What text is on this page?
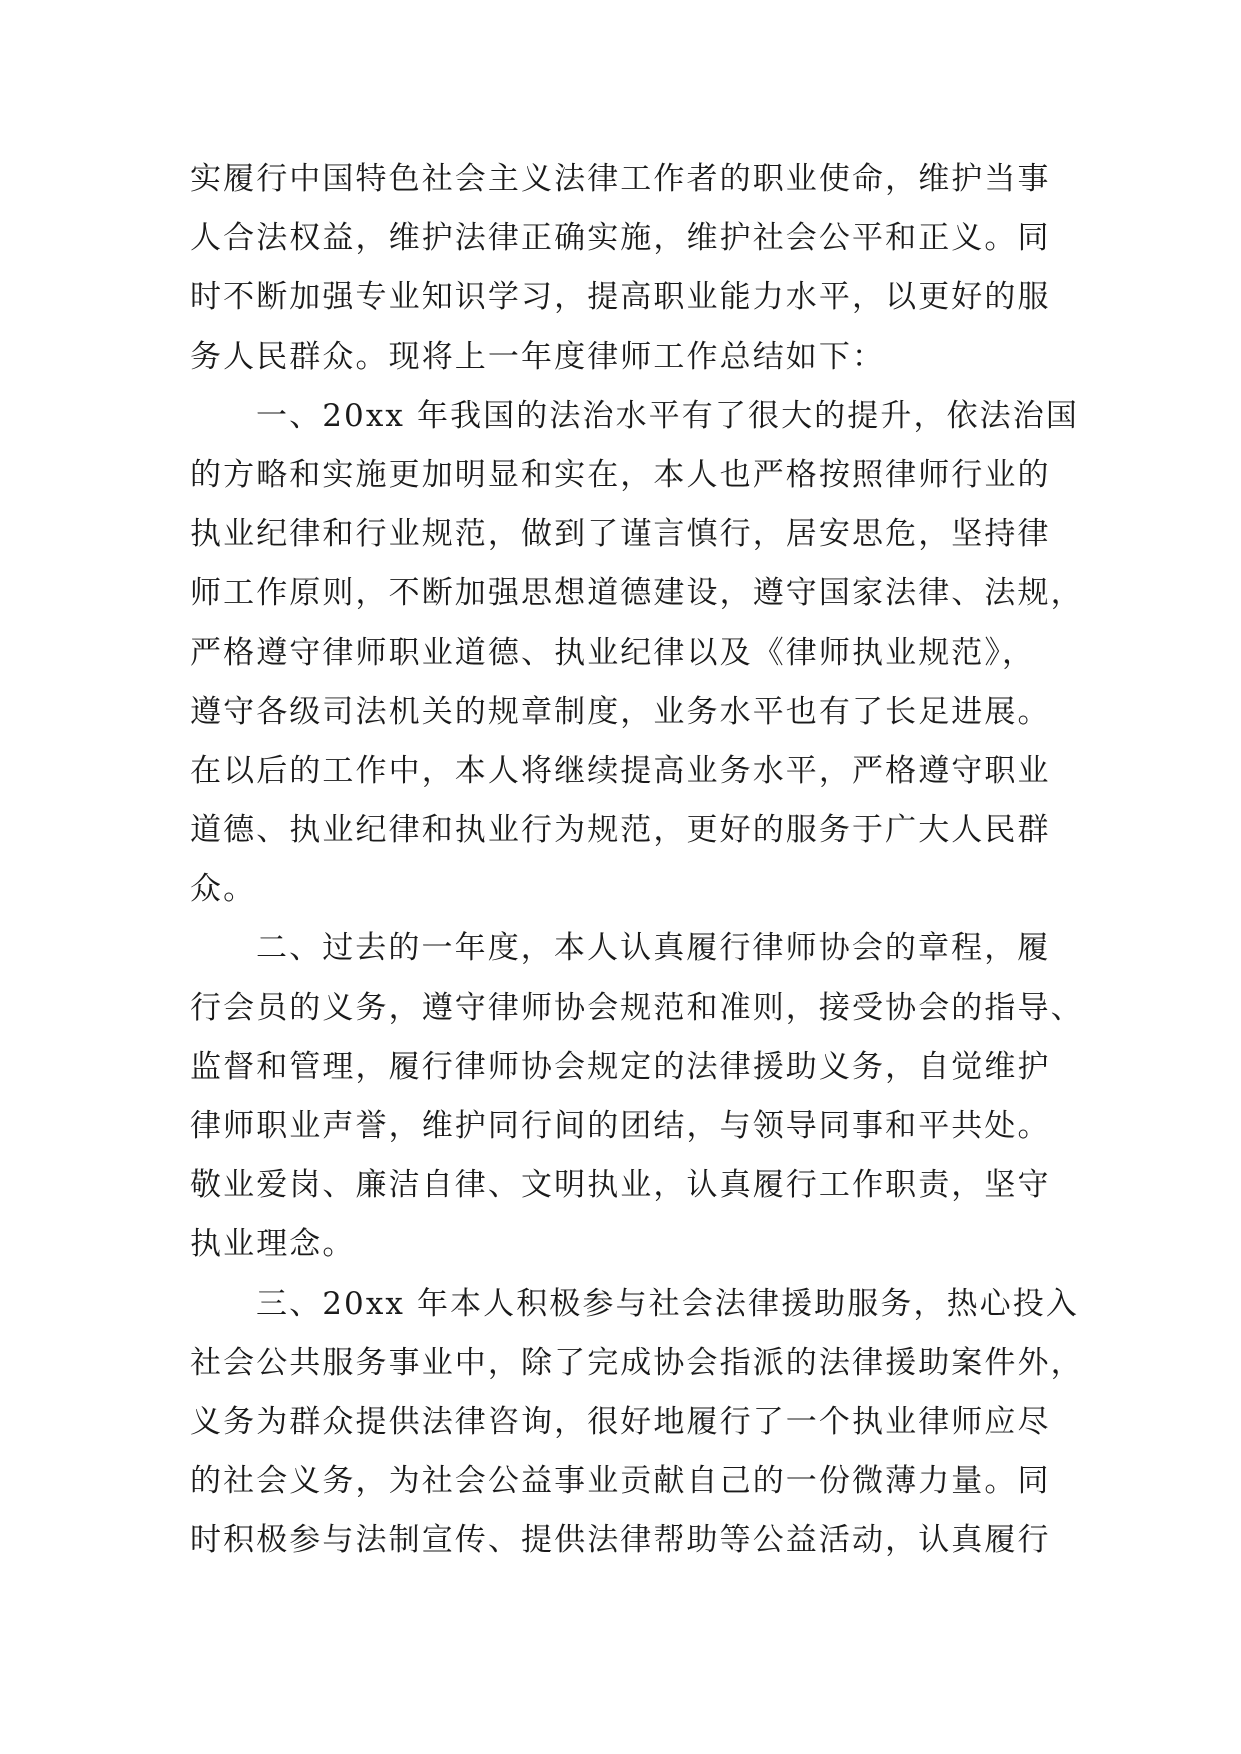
实履行中国特色社会主义法律工作者的职业使命，维护当事
人合法权益，维护法律正确实施，维护社会公平和正义。同
时不断加强专业知识学习，提高职业能力水平，以更好的服
务人民群众。现将上一年度律师工作总结如下：
一、20xx 年我国的法治水平有了很大的提升，依法治国
的方略和实施更加明显和实在，本人也严格按照律师行业的
执业纪律和行业规范，做到了谨言慎行，居安思危，坚持律
师工作原则，不断加强思想道德建设，遵守国家法律、法规，
严格遵守律师职业道德、执业纪律以及《律师执业规范》，
遵守各级司法机关的规章制度，业务水平也有了长足进展。
在以后的工作中，本人将继续提高业务水平，严格遵守职业
道德、执业纪律和执业行为规范，更好的服务于广大人民群
众。
二、过去的一年度，本人认真履行律师协会的章程，履
行会员的义务，遵守律师协会规范和准则，接受协会的指导、
监督和管理，履行律师协会规定的法律援助义务，自觉维护
律师职业声誉，维护同行间的团结，与领导同事和平共处。
敬业爱岗、廉洁自律、文明执业，认真履行工作职责，坚守
执业理念。
三、20xx 年本人积极参与社会法律援助服务，热心投入
社会公共服务事业中，除了完成协会指派的法律援助案件外，
义务为群众提供法律咨询，很好地履行了一个执业律师应尽
的社会义务，为社会公益事业贡献自己的一份微薄力量。同
时积极参与法制宣传、提供法律帮助等公益活动，认真履行
